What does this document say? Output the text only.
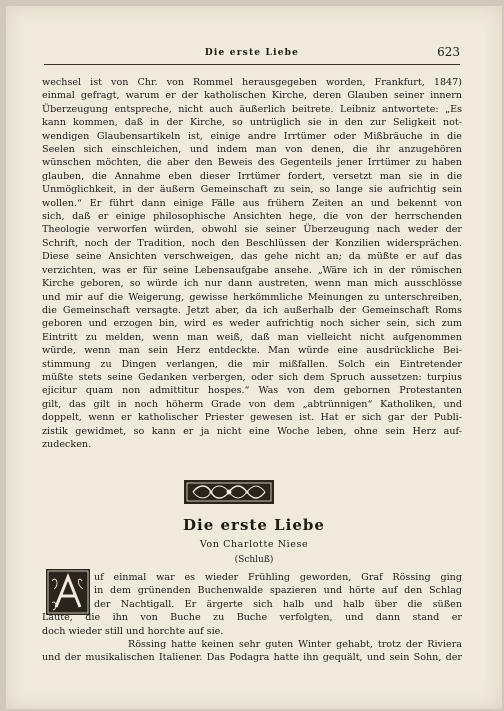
Die erste Liebe	623
wechsel ist von Chr. von Rommel herausgegeben worden, Frankfurt, 1847)
einmal gefragt, warum er der katholischen Kirche, deren Glauben seiner innern
Überzeugung entspreche, nicht auch äußerlich beitrete. Leibniz antwortete: „Es
kann kommen, daß in der Kirche, so untrüglich sie in den zur Seligkeit not-
wendigen Glaubensartikeln ist, einige andre Irrtümer oder Mißbräuche in die
Seelen sich einschleichen, und indem man von denen, die ihr anzugehören
wünschen möchten, die aber den Beweis des Gegenteils jener Irrtümer zu haben
glauben, die Annahme eben dieser Irrtümer fordert, versetzt man sie in die
Unmöglichkeit, in der äußern Gemeinschaft zu sein, so lange sie aufrichtig sein
wollen.“ Er führt dann einige Fälle aus frühern Zeiten an und bekennt von
sich, daß er einige philosophische Ansichten hege, die von der herrschenden
Theologie verworfen würden, obwohl sie seiner Überzeugung nach weder der
Schrift, noch der Tradition, noch den Beschlüssen der Konzilien widersprächen.
Diese seine Ansichten verschweigen, das gehe nicht an; da müßte er auf das
verzichten, was er für seine Lebensaufgabe ansehe. „Wäre ich in der römischen
Kirche geboren, so würde ich nur dann austreten, wenn man mich ausschlösse
und mir auf die Weigerung, gewisse herkömmliche Meinungen zu unterschreiben,
die Gemeinschaft versagte. Jetzt aber, da ich außerhalb der Gemeinschaft Roms
geboren und erzogen bin, wird es weder aufrichtig noch sicher sein, sich zum
Eintritt zu melden, wenn man weiß, daß man vielleicht nicht aufgenommen
würde, wenn man sein Herz entdeckte. Man würde eine ausdrückliche Bei-
stimmung zu Dingen verlangen, die mir mißfallen. Solch ein Eintretender
müßte stets seine Gedanken verbergen, oder sich dem Spruch aussetzen: turpius
ejicitur quam non admittitur hospes.“ Was von dem gebornen Protestanten
gilt, das gilt in noch höherm Grade von dem „abtrünnigen“ Katholiken, und
doppelt, wenn er katholischer Priester gewesen ist. Hat er sich gar der Publi-
zistik gewidmet, so kann er ja nicht eine Woche leben, ohne sein Herz auf-
zudecken.
Die erste Liebe
Von Charlotte Niese
(Schluß)
uf einmal war es wieder Frühling geworden, Graf Rössing ging
in dem grünenden Buchenwalde spazieren und hörte auf den Schlag
der Nachtigall. Er ärgerte sich halb und halb über die süßen
Laute, die ihn von Buche zu Buche verfolgten, und dann stand er
doch wieder still und horchte auf sie.
Rössing hatte keinen sehr guten Winter gehabt, trotz der Riviera
und der musikalischen Italiener. Das Podagra hatte ihn gequält, und sein Sohn, der
